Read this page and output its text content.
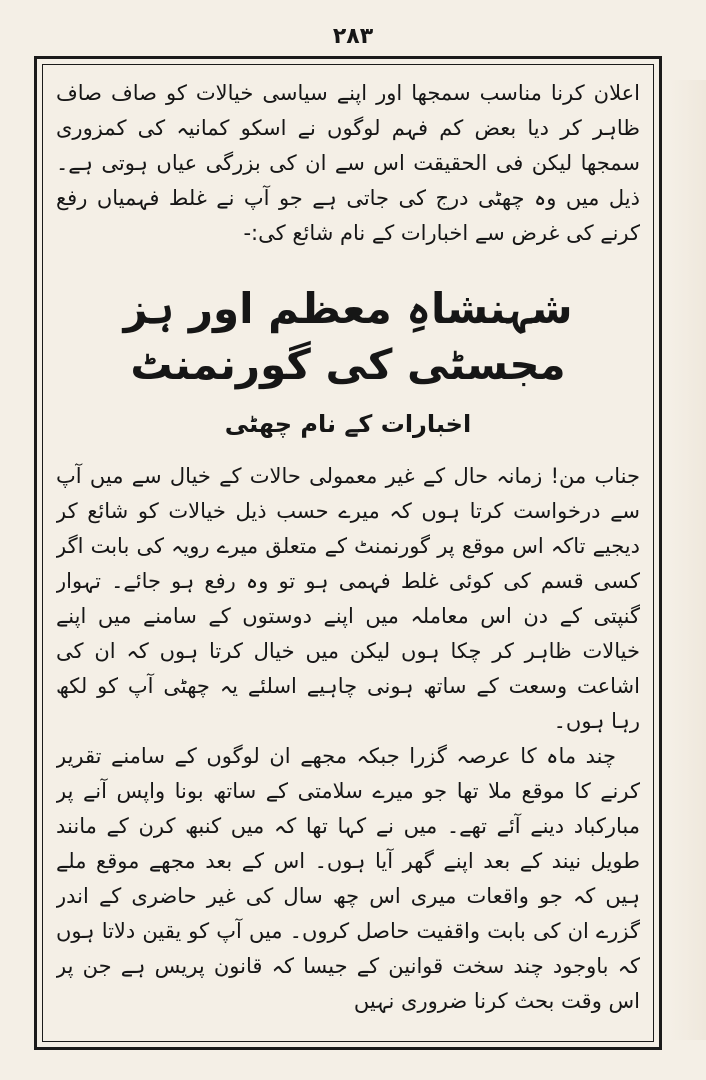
۲۸۳

اعلان کرنا مناسب سمجھا اور اپنے سیاسی خیالات کو صاف صاف ظاہر کر دیا بعض کم فہم لوگوں نے اسکو کمانیہ کی کمزوری سمجھا لیکن فی الحقیقت اس سے ان کی بزرگی عیاں ہوتی ہے۔ ذیل میں وہ چھٹی درج کی جاتی ہے جو آپ نے غلط فہمیاں رفع کرنے کی غرض سے اخبارات کے نام شائع کی:-

شہنشاہِ معظم اور ہز مجسٹی کی گورنمنٹ
اخبارات کے نام چھٹی

جناب من! زمانہ حال کے غیر معمولی حالات کے خیال سے میں آپ سے درخواست کرتا ہوں کہ میرے حسب ذیل خیالات کو شائع کر دیجیے تاکہ اس موقع پر گورنمنٹ کے متعلق میرے رویہ کی بابت اگر کسی قسم کی کوئی غلط فہمی ہو تو وہ رفع ہو جائے۔ تہوار گنپتی کے دن اس معاملہ میں اپنے دوستوں کے سامنے میں اپنے خیالات ظاہر کر چکا ہوں لیکن میں خیال کرتا ہوں کہ ان کی اشاعت وسعت کے ساتھ ہونی چاہیے اسلئے یہ چھٹی آپ کو لکھ رہا ہوں۔

چند ماہ کا عرصہ گزرا جبکہ مجھے ان لوگوں کے سامنے تقریر کرنے کا موقع ملا تھا جو میرے سلامتی کے ساتھ بونا واپس آنے پر مبارکباد دینے آئے تھے۔ میں نے کہا تھا کہ میں کنبھ کرن کے مانند طویل نیند کے بعد اپنے گھر آیا ہوں۔ اس کے بعد مجھے موقع ملے ہیں کہ جو واقعات میری اس چھ سال کی غیر حاضری کے اندر گزرے ان کی بابت واقفیت حاصل کروں۔ میں آپ کو یقین دلاتا ہوں کہ باوجود چند سخت قوانین کے جیسا کہ قانون پریس ہے جن پر اس وقت بحث کرنا ضروری نہیں
